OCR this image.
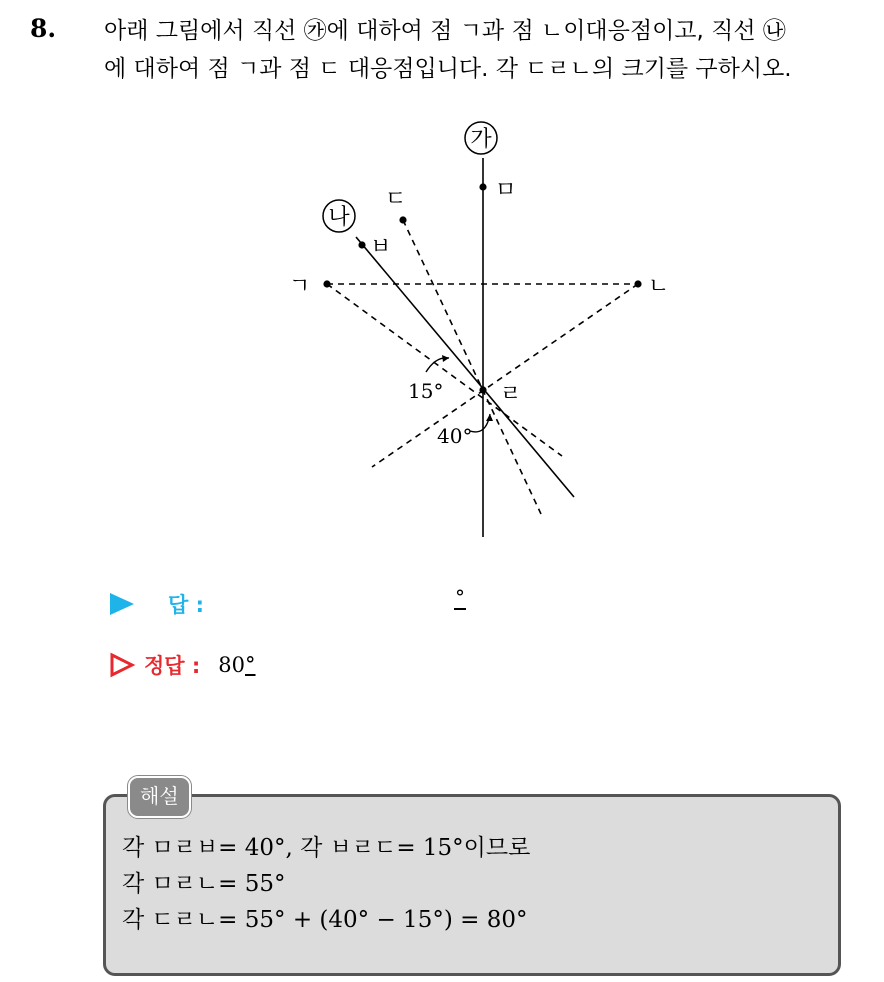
8. 아래 그림에서 직선 ㉮에 대하여 점 ㄱ과 점 ㄴ이대응점이고, 직선 ㉯
에 대하여 점 ㄱ과 점 ㄷ 대응점입니다. 각 ㄷㄹㄴ의 크기를 구하시오.
가
나
ㄱ	ㄴ
ㄷ	ㅁ
ㅂ
ㄹ
15°
40°
답 :	°
정답 : 80°
해설
각 ㅁㄹㅂ= 40°, 각 ㅂㄹㄷ= 15°이므로
각 ㅁㄹㄴ= 55°
각 ㄷㄹㄴ= 55° + (40° − 15°) = 80°
